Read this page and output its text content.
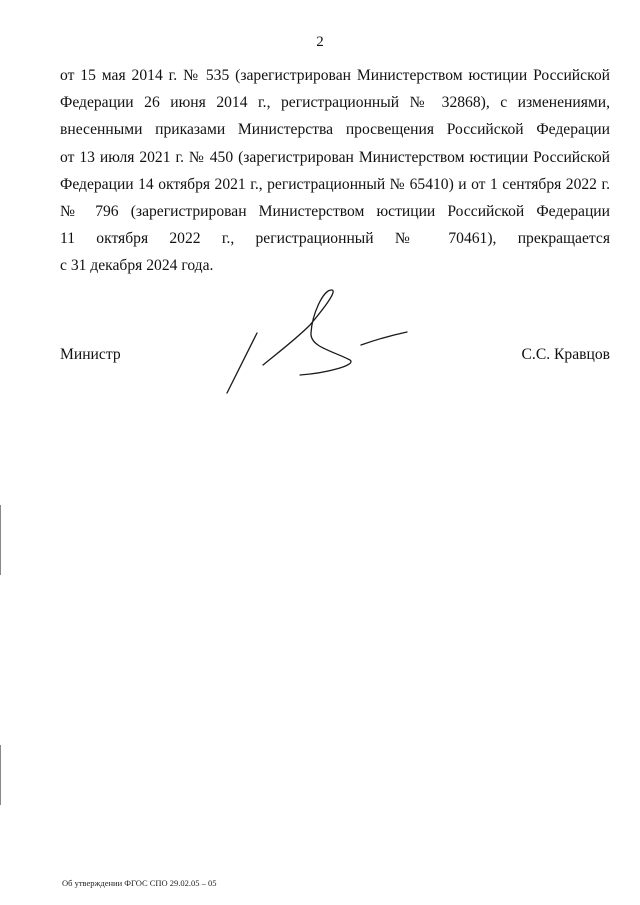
2
от 15 мая 2014 г. № 535 (зарегистрирован Министерством юстиции Российской
Федерации 26 июня 2014 г., регистрационный № 32868), с изменениями,
внесенными приказами Министерства просвещения Российской Федерации
от 13 июля 2021 г. № 450 (зарегистрирован Министерством юстиции Российской
Федерации 14 октября 2021 г., регистрационный № 65410) и от 1 сентября 2022 г.
№ 796 (зарегистрирован Министерством юстиции Российской Федерации
11 октября 2022 г., регистрационный № 70461), прекращается
с 31 декабря 2024 года.
Министр	С.С. Кравцов
Об утверждении ФГОС СПО 29.02.05 – 05
